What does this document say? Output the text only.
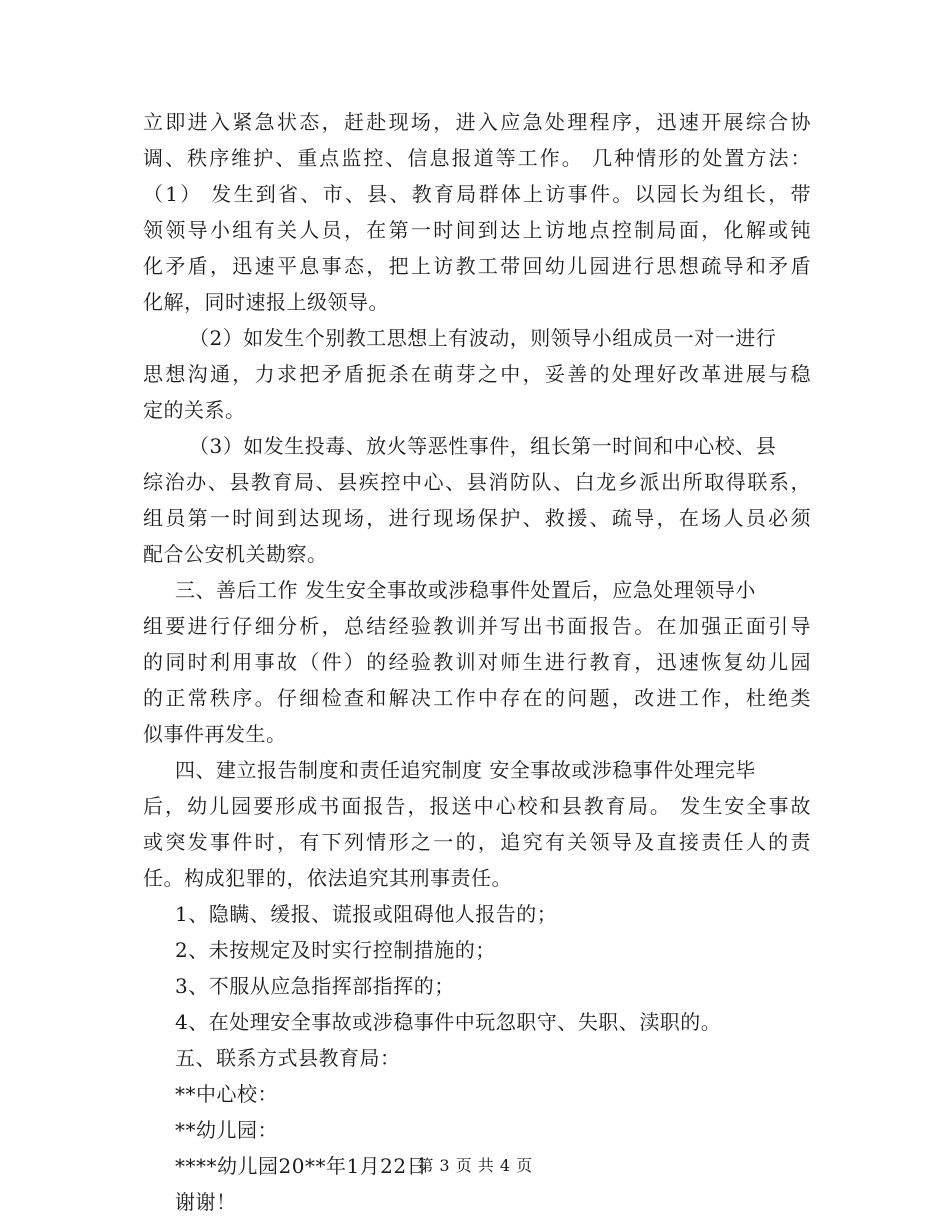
立即进入紧急状态，赶赴现场，进入应急处理程序，迅速开展综合协
调、秩序维护、重点监控、信息报道等工作。 几种情形的处置方法：
（1） 发生到省、市、县、教育局群体上访事件。以园长为组长，带
领领导小组有关人员，在第一时间到达上访地点控制局面，化解或钝
化矛盾，迅速平息事态，把上访教工带回幼儿园进行思想疏导和矛盾
化解，同时速报上级领导。
（2）如发生个别教工思想上有波动，则领导小组成员一对一进行
思想沟通，力求把矛盾扼杀在萌芽之中，妥善的处理好改革进展与稳
定的关系。
（3）如发生投毒、放火等恶性事件，组长第一时间和中心校、县
综治办、县教育局、县疾控中心、县消防队、白龙乡派出所取得联系，
组员第一时间到达现场，进行现场保护、救援、疏导，在场人员必须
配合公安机关勘察。
三、善后工作 发生安全事故或涉稳事件处置后，应急处理领导小
组要进行仔细分析，总结经验教训并写出书面报告。在加强正面引导
的同时利用事故（件）的经验教训对师生进行教育，迅速恢复幼儿园
的正常秩序。仔细检查和解决工作中存在的问题，改进工作，杜绝类
似事件再发生。
四、建立报告制度和责任追究制度 安全事故或涉稳事件处理完毕
后，幼儿园要形成书面报告，报送中心校和县教育局。 发生安全事故
或突发事件时，有下列情形之一的，追究有关领导及直接责任人的责
任。构成犯罪的，依法追究其刑事责任。
1、隐瞒、缓报、谎报或阻碍他人报告的；
2、未按规定及时实行控制措施的；
3、不服从应急指挥部指挥的；
4、在处理安全事故或涉稳事件中玩忽职守、失职、渎职的。
五、联系方式县教育局：
**中心校：
**幼儿园：
****幼儿园20**年1月22日
谢谢！
第 3 页 共 4 页
